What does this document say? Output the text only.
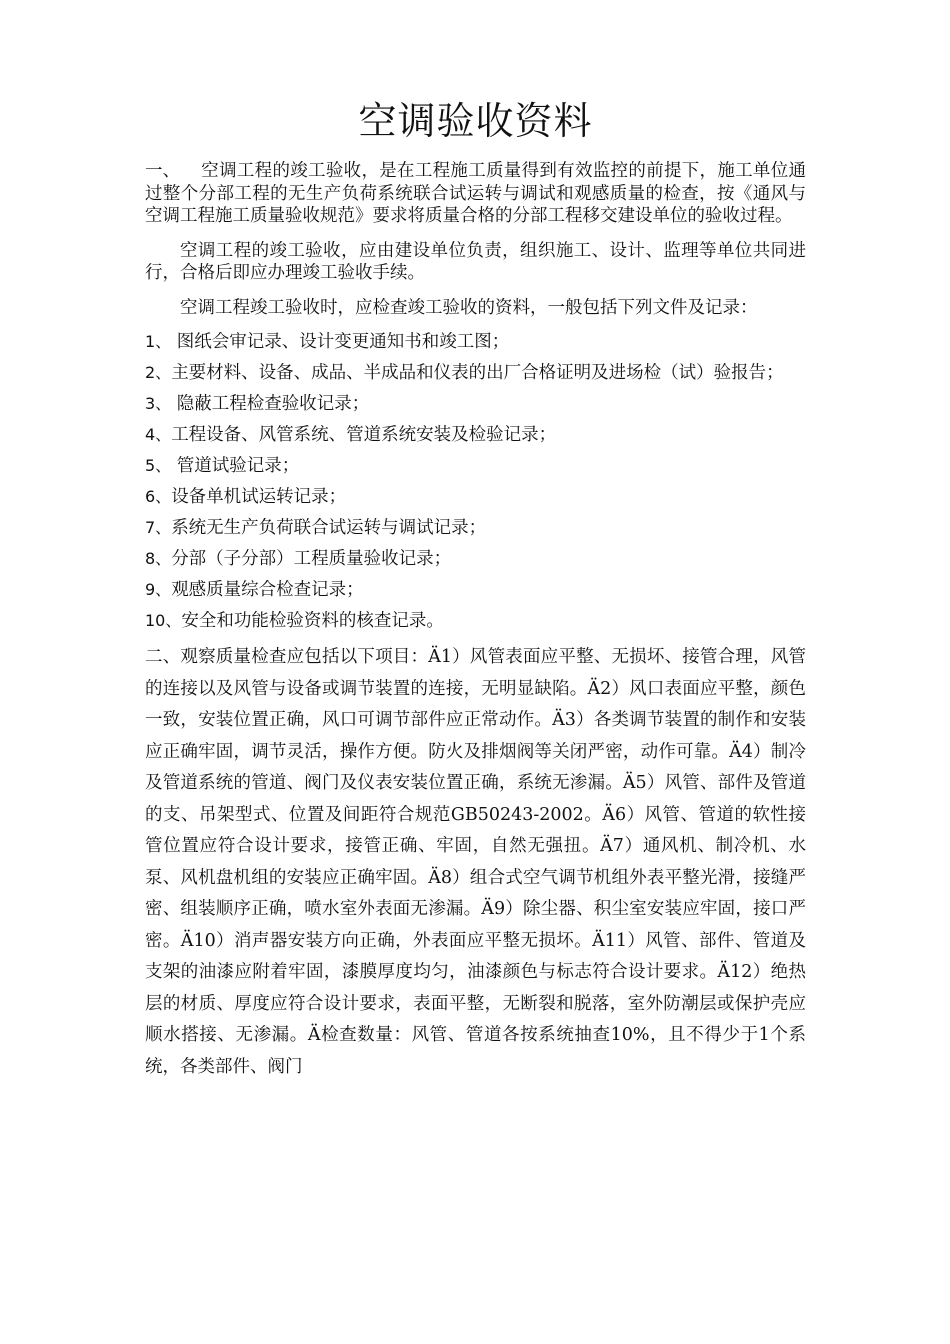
空调验收资料

一、 空调工程的竣工验收，是在工程施工质量得到有效监控的前提下，施工单位通过整个分部工程的无生产负荷系统联合试运转与调试和观感质量的检查，按《通风与空调工程施工质量验收规范》要求将质量合格的分部工程移交建设单位的验收过程。

空调工程的竣工验收，应由建设单位负责，组织施工、设计、监理等单位共同进行，合格后即应办理竣工验收手续。

空调工程竣工验收时，应检查竣工验收的资料，一般包括下列文件及记录：

1、 图纸会审记录、设计变更通知书和竣工图；
2、主要材料、设备、成品、半成品和仪表的出厂合格证明及进场检（试）验报告；
3、 隐蔽工程检查验收记录；
4、工程设备、风管系统、管道系统安装及检验记录；
5、 管道试验记录；
6、设备单机试运转记录；
7、系统无生产负荷联合试运转与调试记录；
8、分部（子分部）工程质量验收记录；
9、观感质量综合检查记录；
10、安全和功能检验资料的核查记录。

二、观察质量检查应包括以下项目：Ä1）风管表面应平整、无损坏、接管合理，风管的连接以及风管与设备或调节装置的连接，无明显缺陷。Ä2）风口表面应平整，颜色一致，安装位置正确，风口可调节部件应正常动作。Ä3）各类调节装置的制作和安装应正确牢固，调节灵活，操作方便。防火及排烟阀等关闭严密，动作可靠。Ä4）制冷及管道系统的管道、阀门及仪表安装位置正确，系统无渗漏。Ä5）风管、部件及管道的支、吊架型式、位置及间距符合规范GB50243-2002。Ä6）风管、管道的软性接管位置应符合设计要求，接管正确、牢固，自然无强扭。Ä7）通风机、制冷机、水泵、风机盘机组的安装应正确牢固。Ä8）组合式空气调节机组外表平整光滑，接缝严密、组装顺序正确，喷水室外表面无渗漏。Ä9）除尘器、积尘室安装应牢固，接口严密。Ä10）消声器安装方向正确，外表面应平整无损坏。Ä11）风管、部件、管道及支架的油漆应附着牢固，漆膜厚度均匀，油漆颜色与标志符合设计要求。Ä12）绝热层的材质、厚度应符合设计要求，表面平整，无断裂和脱落，室外防潮层或保护壳应顺水搭接、无渗漏。Ä检查数量：风管、管道各按系统抽查10%，且不得少于1个系统，各类部件、阀门
